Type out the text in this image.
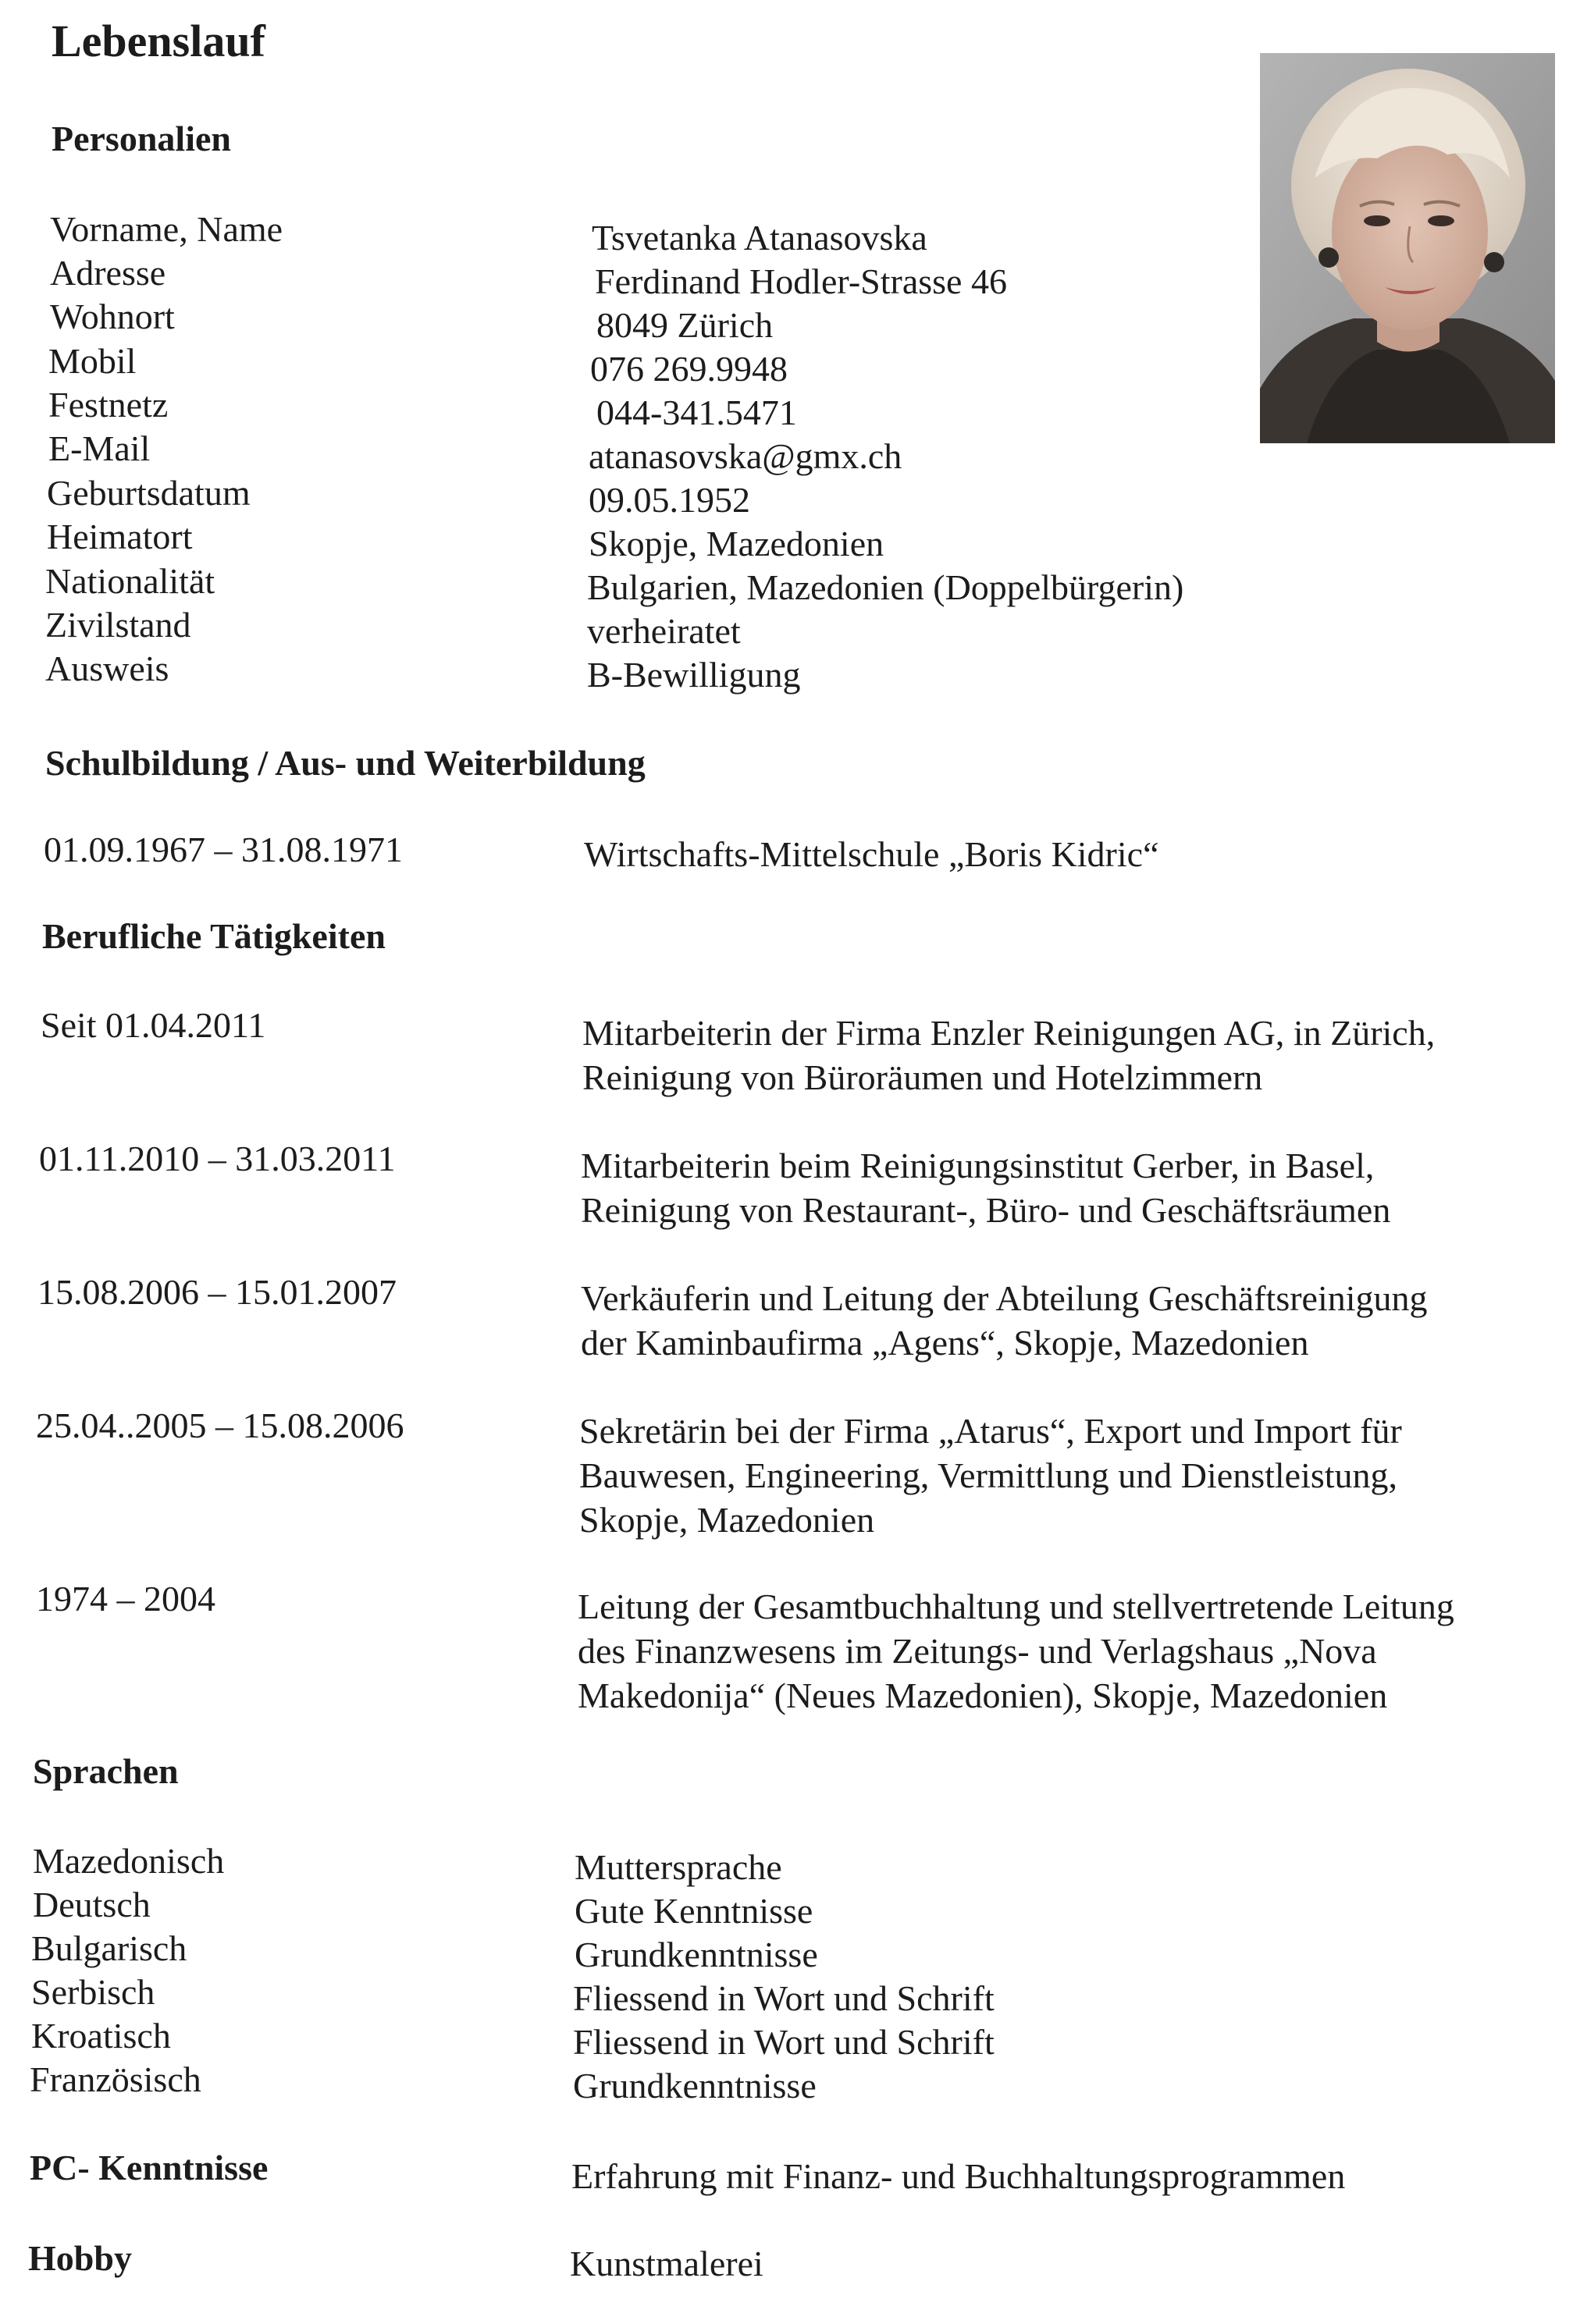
Lebenslauf
Personalien
Vorname, Name	Tsvetanka Atanasovska
Adresse	Ferdinand Hodler-Strasse 46
Wohnort	8049 Zürich
Mobil	076 269.9948
Festnetz	044-341.5471
E-Mail	atanasovska@gmx.ch
Geburtsdatum	09.05.1952
Heimatort	Skopje, Mazedonien
Nationalität	Bulgarien, Mazedonien (Doppelbürgerin)
Zivilstand	verheiratet
Ausweis	B-Bewilligung
Schulbildung / Aus- und Weiterbildung
01.09.1967 – 31.08.1971	Wirtschafts-Mittelschule „Boris Kidric“
Berufliche Tätigkeiten
Seit 01.04.2011	Mitarbeiterin der Firma Enzler Reinigungen AG, in Zürich,
Reinigung von Büroräumen und Hotelzimmern
01.11.2010 – 31.03.2011	Mitarbeiterin beim Reinigungsinstitut Gerber, in Basel,
Reinigung von Restaurant-, Büro- und Geschäftsräumen
15.08.2006 – 15.01.2007	Verkäuferin und Leitung der Abteilung Geschäftsreinigung
der Kaminbaufirma „Agens“, Skopje, Mazedonien
25.04..2005 – 15.08.2006	Sekretärin bei der Firma „Atarus“, Export und Import für
Bauwesen, Engineering, Vermittlung und Dienstleistung,
Skopje, Mazedonien
1974 – 2004	Leitung der Gesamtbuchhaltung und stellvertretende Leitung
des Finanzwesens im Zeitungs- und Verlagshaus „Nova
Makedonija“ (Neues Mazedonien), Skopje, Mazedonien
Sprachen
Mazedonisch	Muttersprache
Deutsch	Gute Kenntnisse
Bulgarisch	Grundkenntnisse
Serbisch	Fliessend in Wort und Schrift
Kroatisch	Fliessend in Wort und Schrift
Französisch	Grundkenntnisse
PC- Kenntnisse	Erfahrung mit Finanz- und Buchhaltungsprogrammen
Hobby	Kunstmalerei
